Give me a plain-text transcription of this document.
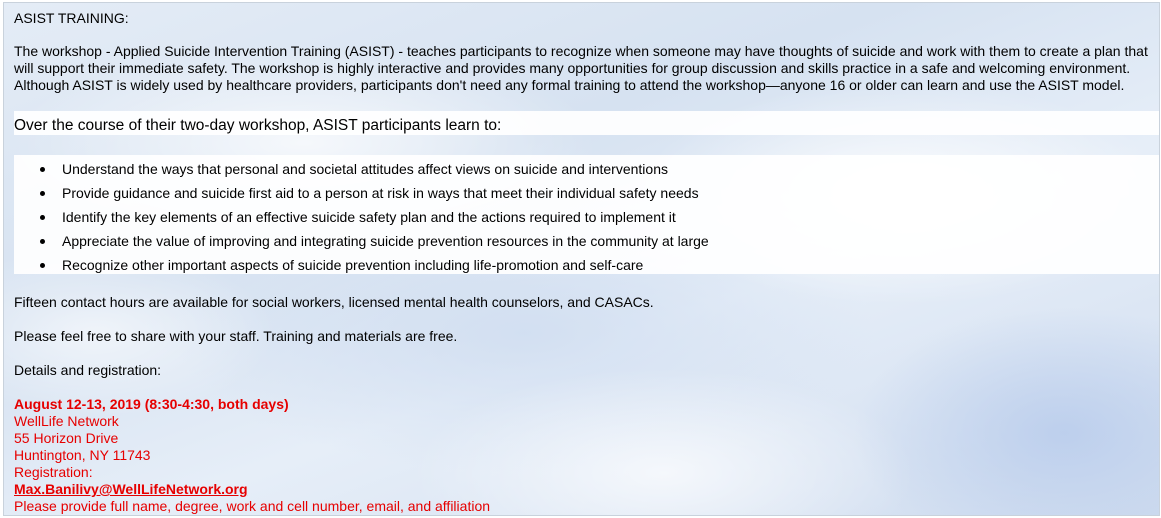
ASIST TRAINING:
The workshop - Applied Suicide Intervention Training (ASIST) - teaches participants to recognize when someone may have thoughts of suicide and work with them to create a plan that will support their immediate safety. The workshop is highly interactive and provides many opportunities for group discussion and skills practice in a safe and welcoming environment. Although ASIST is widely used by healthcare providers, participants don't need any formal training to attend the workshop—anyone 16 or older can learn and use the ASIST model.
Over the course of their two-day workshop, ASIST participants learn to:
Understand the ways that personal and societal attitudes affect views on suicide and interventions
Provide guidance and suicide first aid to a person at risk in ways that meet their individual safety needs
Identify the key elements of an effective suicide safety plan and the actions required to implement it
Appreciate the value of improving and integrating suicide prevention resources in the community at large
Recognize other important aspects of suicide prevention including life-promotion and self-care
Fifteen contact hours are available for social workers, licensed mental health counselors, and CASACs.
Please feel free to share with your staff. Training and materials are free.
Details and registration:
August 12-13, 2019 (8:30-4:30, both days)
WellLife Network
55 Horizon Drive
Huntington, NY 11743
Registration:
Max.Banilivy@WellLifeNetwork.org
Please provide full name, degree, work and cell number, email, and affiliation
